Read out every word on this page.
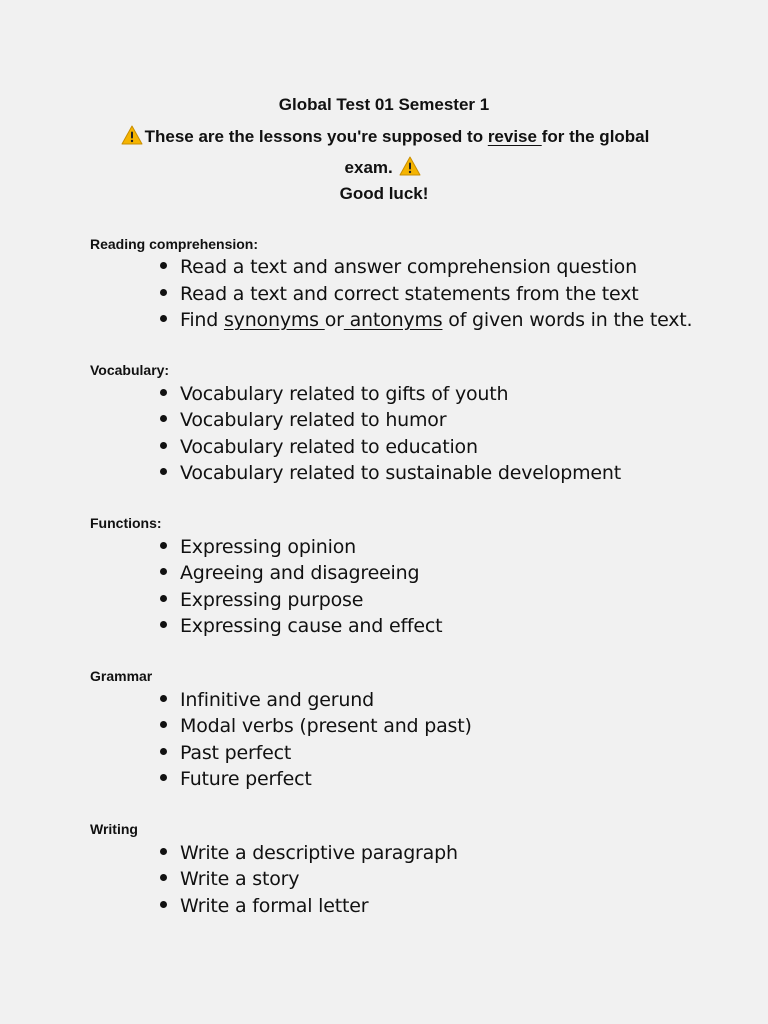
Global Test 01 Semester 1
These are the lessons you're supposed to revise for the global
exam.
Good luck!
Reading comprehension:
Read a text and answer comprehension question
Read a text and correct statements from the text
Find synonyms or antonyms of given words in the text.
Vocabulary:
Vocabulary related to gifts of youth
Vocabulary related to humor
Vocabulary related to education
Vocabulary related to sustainable development
Functions:
Expressing opinion
Agreeing and disagreeing
Expressing purpose
Expressing cause and effect
Grammar
Infinitive and gerund
Modal verbs (present and past)
Past perfect
Future perfect
Writing
Write a descriptive paragraph
Write a story
Write a formal letter
